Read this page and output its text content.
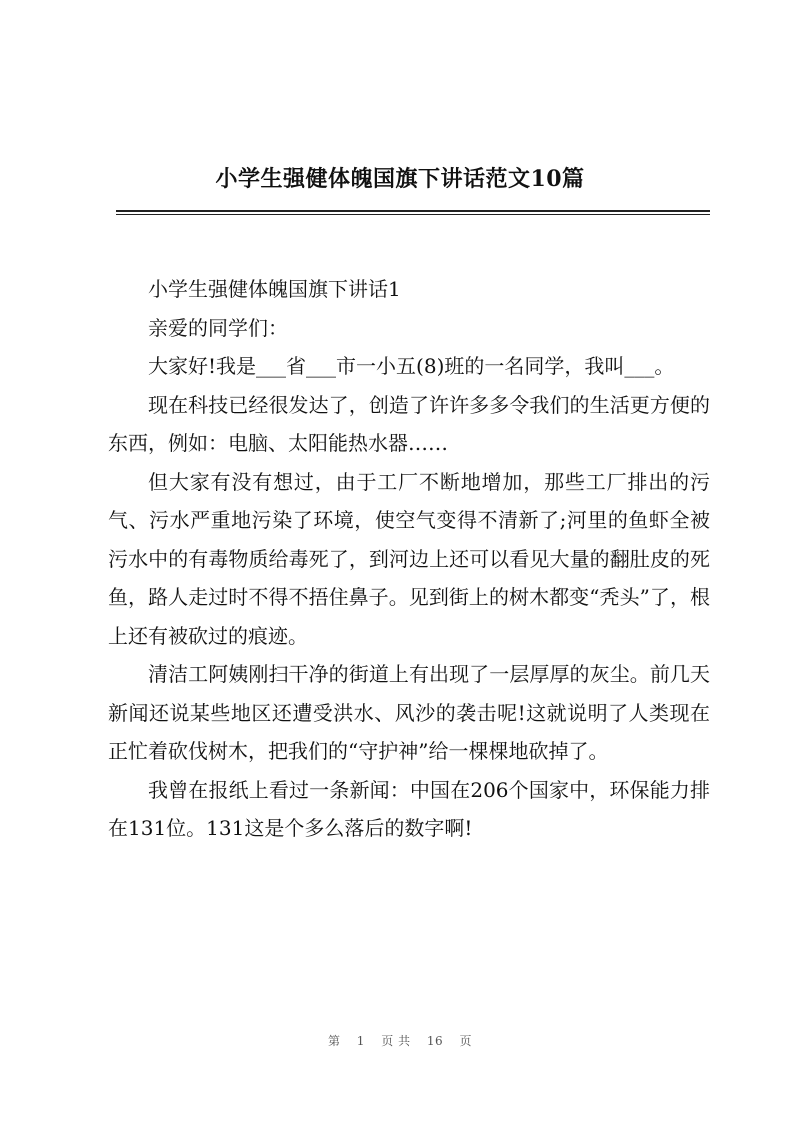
小学生强健体魄国旗下讲话范文10篇

小学生强健体魄国旗下讲话1

亲爱的同学们：

大家好!我是___省___市一小五(8)班的一名同学，我叫___。

现在科技已经很发达了，创造了许许多多令我们的生活更方便的东西，例如：电脑、太阳能热水器……

但大家有没有想过，由于工厂不断地增加，那些工厂排出的污气、污水严重地污染了环境，使空气变得不清新了;河里的鱼虾全被污水中的有毒物质给毒死了，到河边上还可以看见大量的翻肚皮的死鱼，路人走过时不得不捂住鼻子。见到街上的树木都变“秃头”了，根上还有被砍过的痕迹。

清洁工阿姨刚扫干净的街道上有出现了一层厚厚的灰尘。前几天新闻还说某些地区还遭受洪水、风沙的袭击呢!这就说明了人类现在正忙着砍伐树木，把我们的“守护神”给一棵棵地砍掉了。

我曾在报纸上看过一条新闻：中国在206个国家中，环保能力排在131位。131这是个多么落后的数字啊!

第 1 页 共 16 页
